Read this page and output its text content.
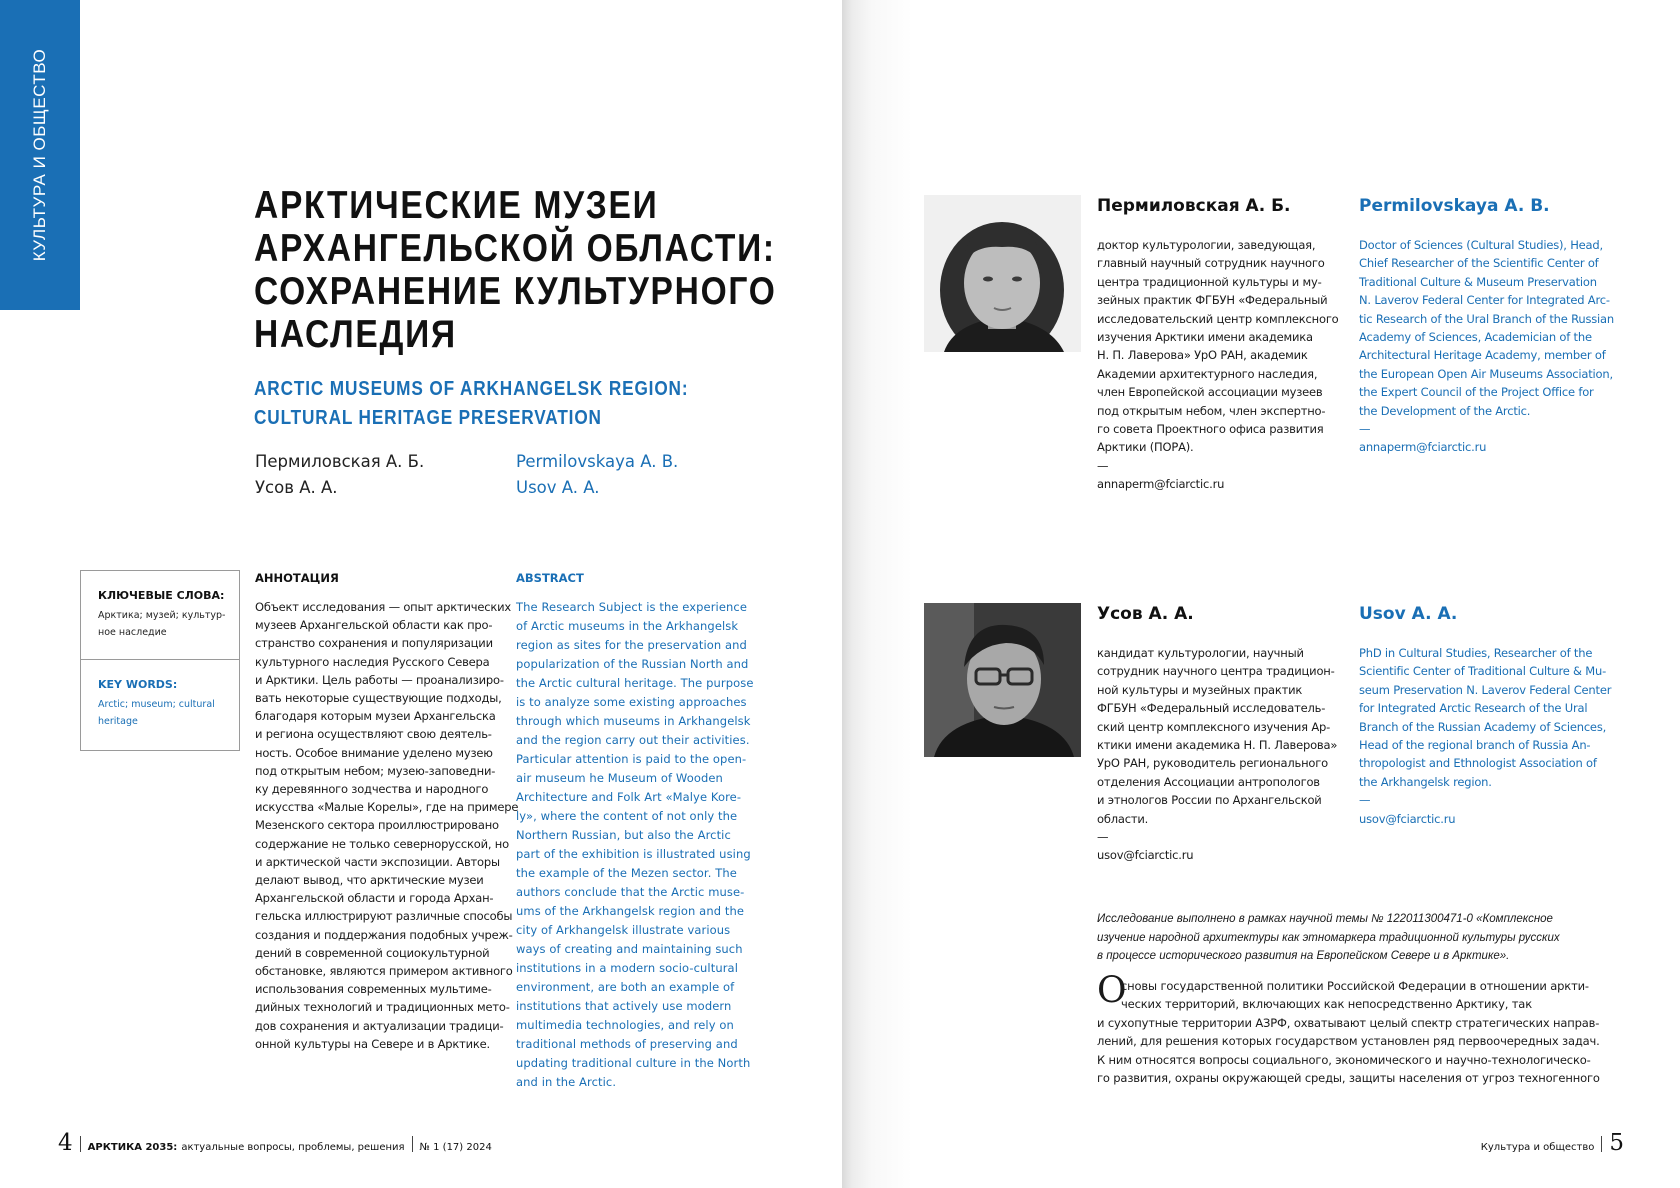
КУЛЬТУРА И ОБЩЕСТВО	АРКТИЧЕСКИЕ МУЗЕИ
АРХАНГЕЛЬСКОЙ ОБЛАСТИ:
СОХРАНЕНИЕ КУЛЬТУРНОГО
НАСЛЕДИЯ
ARCTIC MUSEUMS OF ARKHANGELSK REGION:
CULTURAL HERITAGE PRESERVATION
Пермиловская А. Б.
Усов А. А.
Permilovskaya A. B.
Usov A. A.
КЛЮЧЕВЫЕ СЛОВА:
Арктика; музей; культур-ное наследие
KEY WORDS:
Arctic; museum; cultural heritage
АННОТАЦИЯ	ABSTRACT
Объект исследования — опыт арктических
музеев Архангельской области как про-
странство сохранения и популяризации
культурного наследия Русского Севера
и Арктики. Цель работы — проанализиро-
вать некоторые существующие подходы,
благодаря которым музеи Архангельска
и региона осуществляют свою деятель-
ность. Особое внимание уделено музею
под открытым небом; музею-заповедни-
ку деревянного зодчества и народного
искусства «Малые Корелы», где на примере
Мезенского сектора проиллюстрировано
содержание не только севернорусской, но
и арктической части экспозиции. Авторы
делают вывод, что арктические музеи
Архангельской области и города Архан-
гельска иллюстрируют различные способы
создания и поддержания подобных учреж-
дений в современной социокультурной
обстановке, являются примером активного
использования современных мультиме-
дийных технологий и традиционных мето-
дов сохранения и актуализации традици-
онной культуры на Севере и в Арктике.
The Research Subject is the experience
of Arctic museums in the Arkhangelsk
region as sites for the preservation and
popularization of the Russian North and
the Arctic cultural heritage. The purpose
is to analyze some existing approaches
through which museums in Arkhangelsk
and the region carry out their activities.
Particular attention is paid to the open-
air museum he Museum of Wooden
Architecture and Folk Art «Malye Kore-
ly», where the content of not only the
Northern Russian, but also the Arctic
part of the exhibition is illustrated using
the example of the Mezen sector. The
authors conclude that the Arctic muse-
ums of the Arkhangelsk region and the
city of Arkhangelsk illustrate various
ways of creating and maintaining such
institutions in a modern socio-cultural
environment, are both an example of
institutions that actively use modern
multimedia technologies, and rely on
traditional methods of preserving and
updating traditional culture in the North
and in the Arctic.
4 АРКТИКА 2035: актуальные вопросы, проблемы, решения № 1 (17) 2024
Пермиловская А. Б.	Permilovskaya A. B.
доктор культурологии, заведующая,
главный научный сотрудник научного
центра традиционной культуры и му-
зейных практик ФГБУН «Федеральный
исследовательский центр комплексного
изучения Арктики имени академика
Н. П. Лаверова» УрО РАН, академик
Академии архитектурного наследия,
член Европейской ассоциации музеев
под открытым небом, член экспертно-
го совета Проектного офиса развития
Арктики (ПОРА).
—
annaperm@fciarctic.ru
Doctor of Sciences (Cultural Studies), Head,
Chief Researcher of the Scientific Center of
Traditional Culture & Museum Preservation
N. Laverov Federal Center for Integrated Arc-
tic Research of the Ural Branch of the Russian
Academy of Sciences, Academician of the
Architectural Heritage Academy, member of
the European Open Air Museums Association,
the Expert Council of the Project Office for
the Development of the Arctic.
—
annaperm@fciarctic.ru
Усов А. А.	Usov A. A.
кандидат культурологии, научный
сотрудник научного центра традицион-
ной культуры и музейных практик
ФГБУН «Федеральный исследователь-
ский центр комплексного изучения Ар-
ктики имени академика Н. П. Лаверова»
УрО РАН, руководитель регионального
отделения Ассоциации антропологов
и этнологов России по Архангельской
области.
—
usov@fciarctic.ru
PhD in Cultural Studies, Researcher of the
Scientific Center of Traditional Culture & Mu-
seum Preservation N. Laverov Federal Center
for Integrated Arctic Research of the Ural
Branch of the Russian Academy of Sciences,
Head of the regional branch of Russia An-
thropologist and Ethnologist Association of
the Arkhangelsk region.
—
usov@fciarctic.ru
Исследование выполнено в рамках научной темы № 122011300471-0 «Комплексное
изучение народной архитектуры как этномаркера традиционной культуры русских
в процессе исторического развития на Европейском Севере и в Арктике».
О
сновы государственной политики Российской Федерации в отношении аркти-
ческих территорий, включающих как непосредственно Арктику, так
и сухопутные территории АЗРФ, охватывают целый спектр стратегических направ-
лений, для решения которых государством установлен ряд первоочередных задач.
К ним относятся вопросы социального, экономического и научно-технологическо-
го развития, охраны окружающей среды, защиты населения от угроз техногенного
Культура и общество 5
